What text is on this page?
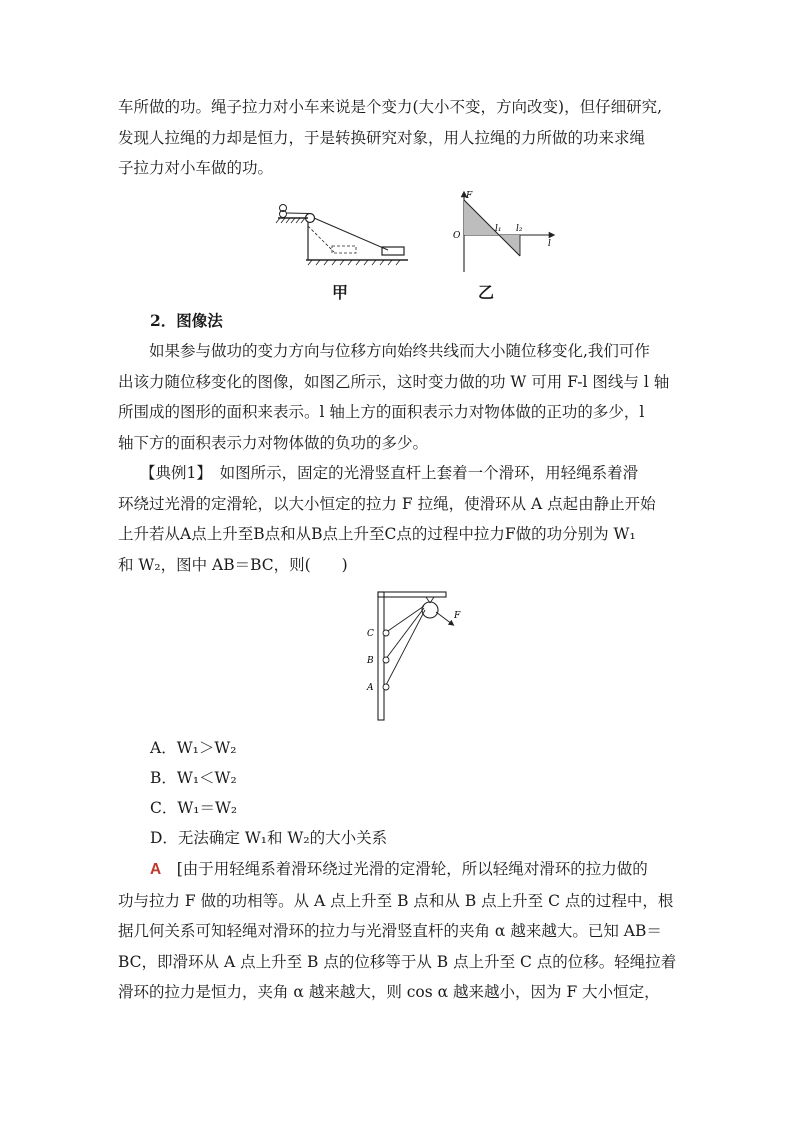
车所做的功。绳子拉力对小车来说是个变力(大小不变，方向改变)，但仔细研究,
发现人拉绳的力却是恒力，于是转换研究对象，用人拉绳的力所做的功来求绳
子拉力对小车做的功。
甲
F
O
l₁ l₂
l
乙
2．图像法
如果参与做功的变力方向与位移方向始终共线而大小随位移变化,我们可作
出该力随位移变化的图像，如图乙所示，这时变力做的功 W 可用 F-l 图线与 l 轴
所围成的图形的面积来表示。l 轴上方的面积表示力对物体做的正功的多少，l
轴下方的面积表示力对物体做的负功的多少。
【典例1】　如图所示，固定的光滑竖直杆上套着一个滑环，用轻绳系着滑
环绕过光滑的定滑轮，以大小恒定的拉力 F 拉绳，使滑环从 A 点起由静止开始
上升若从A点上升至B点和从B点上升至C点的过程中拉力F做的功分别为 W₁
和 W₂，图中 AB＝BC，则(　　)
F
C
B
A
A．W₁＞W₂
B．W₁＜W₂
C．W₁＝W₂
D．无法确定 W₁和 W₂的大小关系
A　 [由于用轻绳系着滑环绕过光滑的定滑轮，所以轻绳对滑环的拉力做的
功与拉力 F 做的功相等。从 A 点上升至 B 点和从 B 点上升至 C 点的过程中，根
据几何关系可知轻绳对滑环的拉力与光滑竖直杆的夹角 α 越来越大。已知 AB＝
BC，即滑环从 A 点上升至 B 点的位移等于从 B 点上升至 C 点的位移。轻绳拉着
滑环的拉力是恒力，夹角 α 越来越大，则 cos α 越来越小，因为 F 大小恒定，
